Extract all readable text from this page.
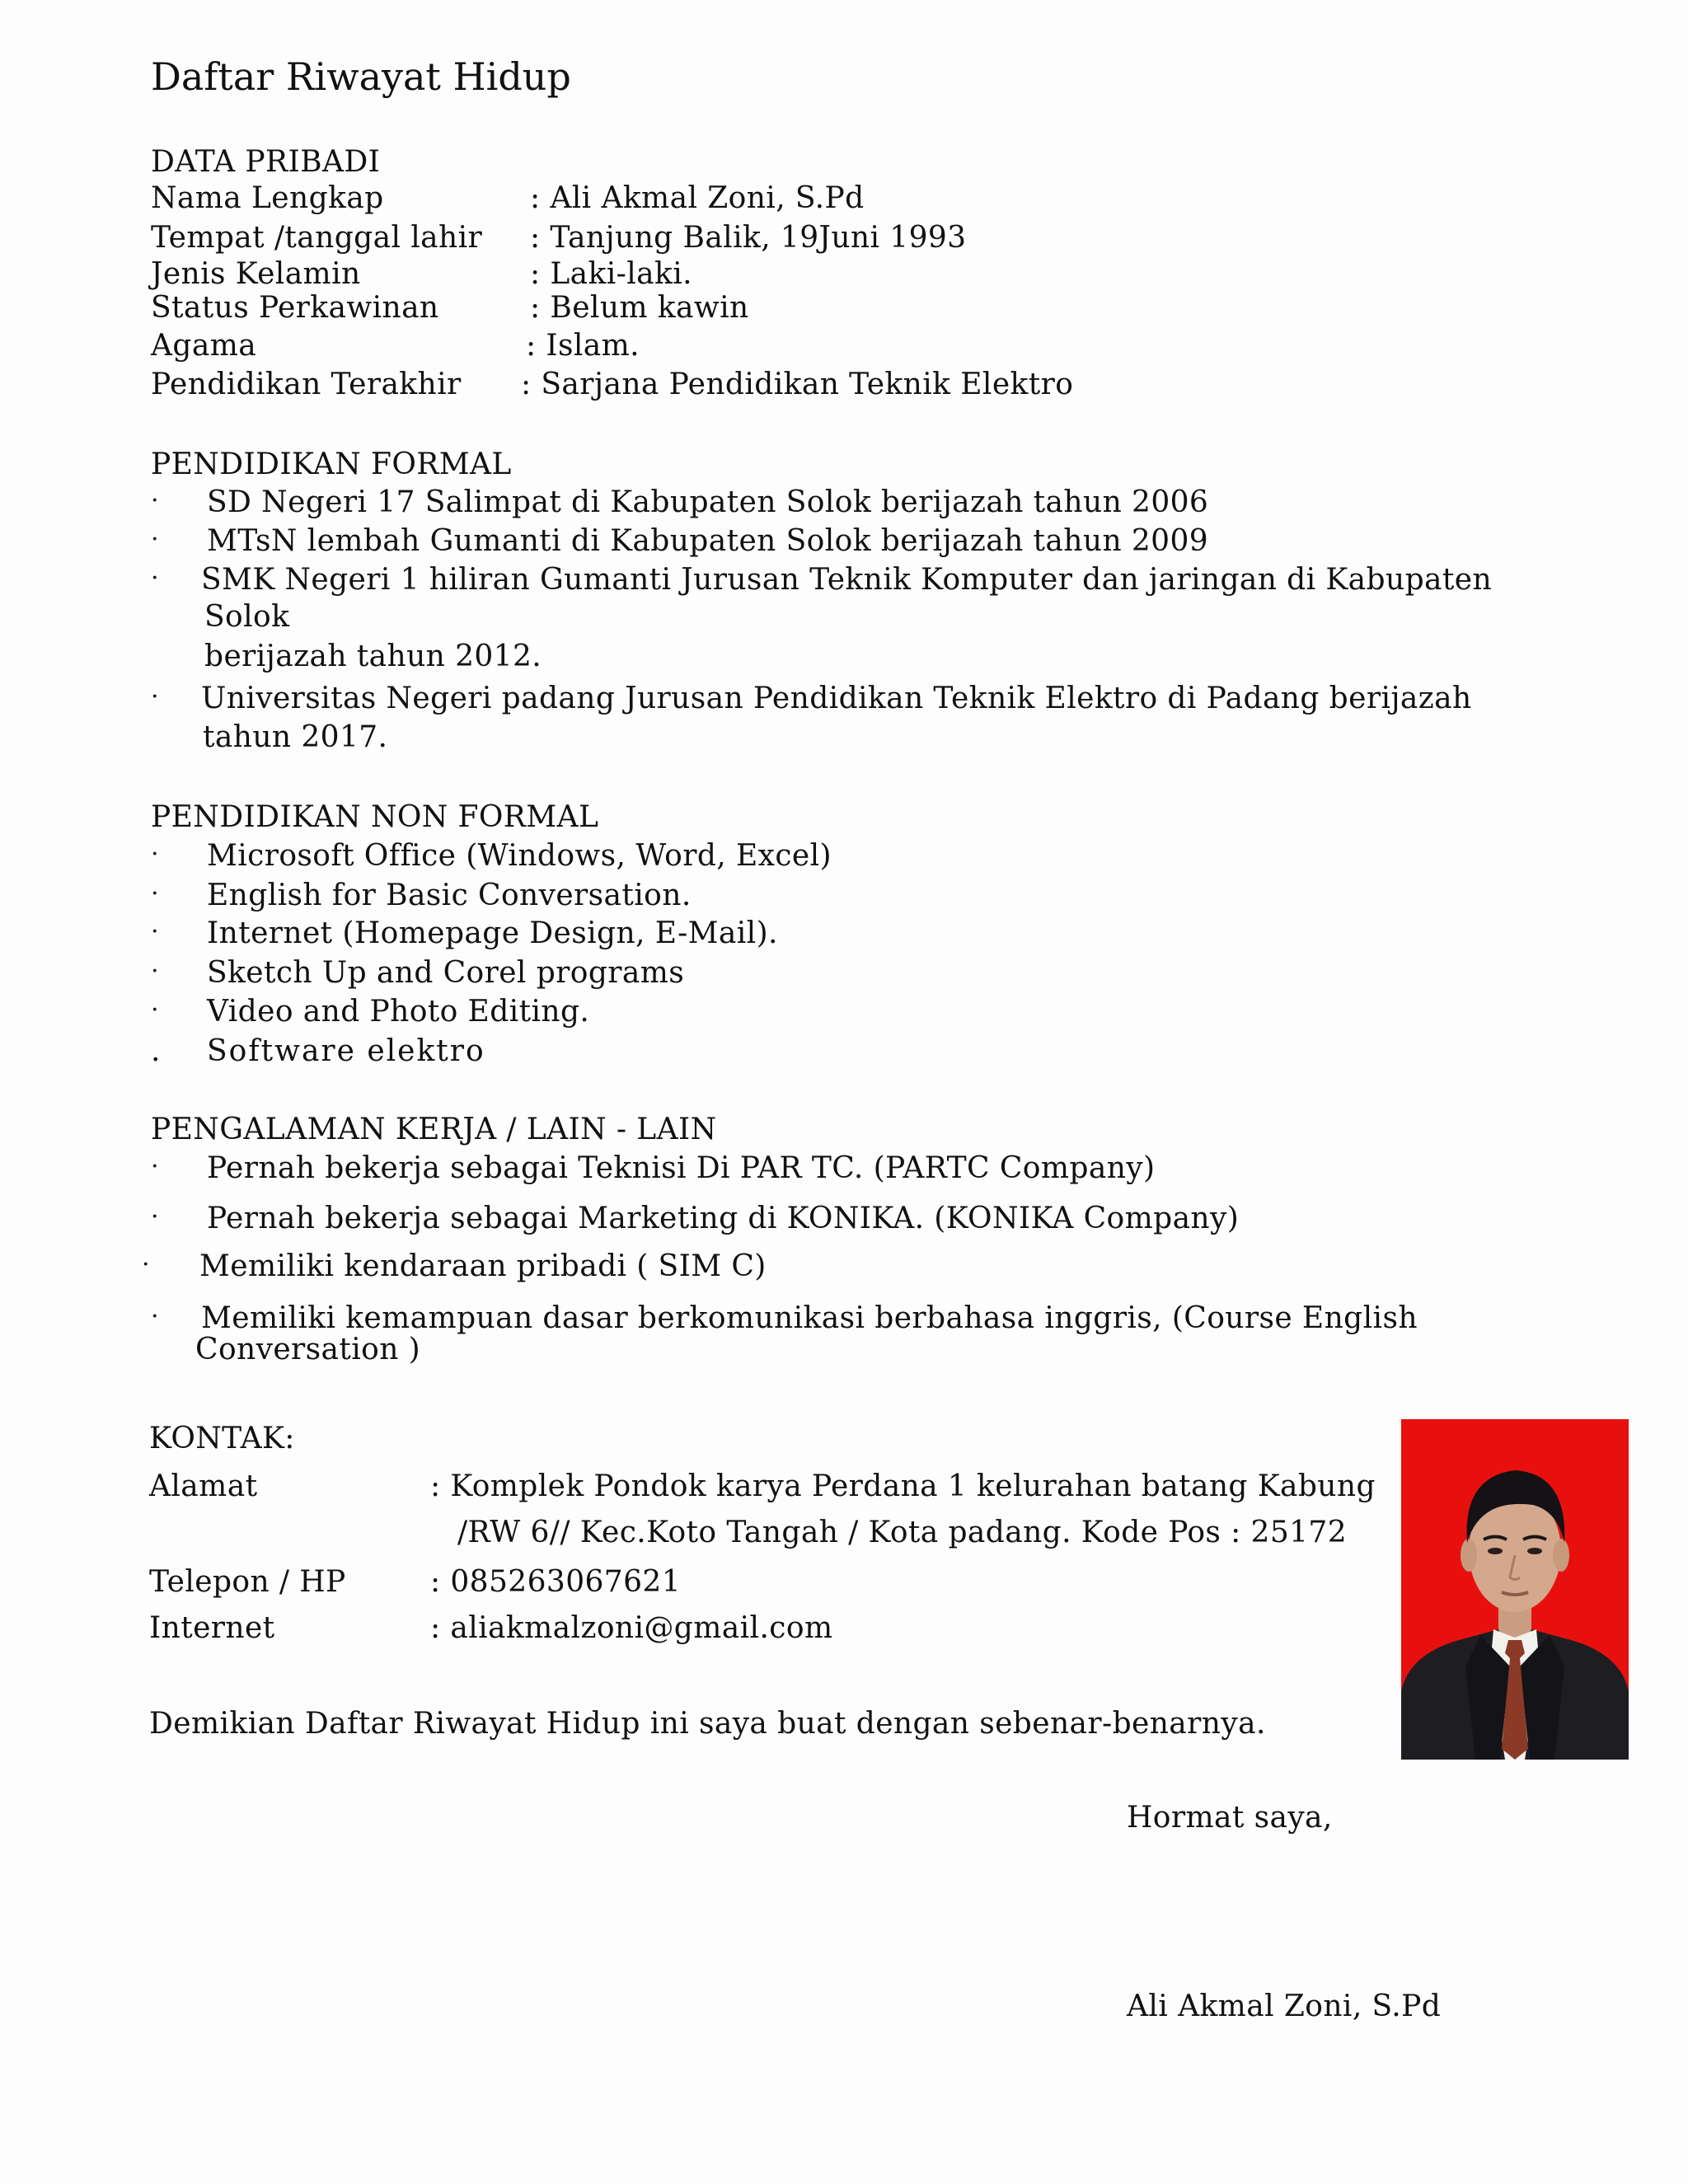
Daftar Riwayat Hidup
DATA PRIBADI
Nama Lengkap	: Ali Akmal Zoni, S.Pd
Tempat /tanggal lahir : Tanjung Balik, 19Juni 1993
Jenis Kelamin	: Laki-laki.
Status Perkawinan	: Belum kawin
Agama	: Islam.
Pendidikan Terakhir : Sarjana Pendidikan Teknik Elektro
PENDIDIKAN FORMAL
· SD Negeri 17 Salimpat di Kabupaten Solok berijazah tahun 2006
· MTsN lembah Gumanti di Kabupaten Solok berijazah tahun 2009
· SMK Negeri 1 hiliran Gumanti Jurusan Teknik Komputer dan jaringan di Kabupaten
Solok
berijazah tahun 2012.
· Universitas Negeri padang Jurusan Pendidikan Teknik Elektro di Padang berijazah
tahun 2017.
PENDIDIKAN NON FORMAL
· Microsoft Office (Windows, Word, Excel)
· English for Basic Conversation.
· Internet (Homepage Design, E-Mail).
· Sketch Up and Corel programs
· Video and Photo Editing.
. Software elektro
PENGALAMAN KERJA / LAIN - LAIN
· Pernah bekerja sebagai Teknisi Di PAR TC. (PARTC Company)
· Pernah bekerja sebagai Marketing di KONIKA. (KONIKA Company)
· Memiliki kendaraan pribadi ( SIM C)
· Memiliki kemampuan dasar berkomunikasi berbahasa inggris, (Course English
Conversation )
KONTAK:
Alamat	: Komplek Pondok karya Perdana 1 kelurahan batang Kabung
/RW 6// Kec.Koto Tangah / Kota padang. Kode Pos : 25172
Telepon / HP	: 085263067621
Internet	: aliakmalzoni@gmail.com
Demikian Daftar Riwayat Hidup ini saya buat dengan sebenar-benarnya.
Hormat saya,
Ali Akmal Zoni, S.Pd
